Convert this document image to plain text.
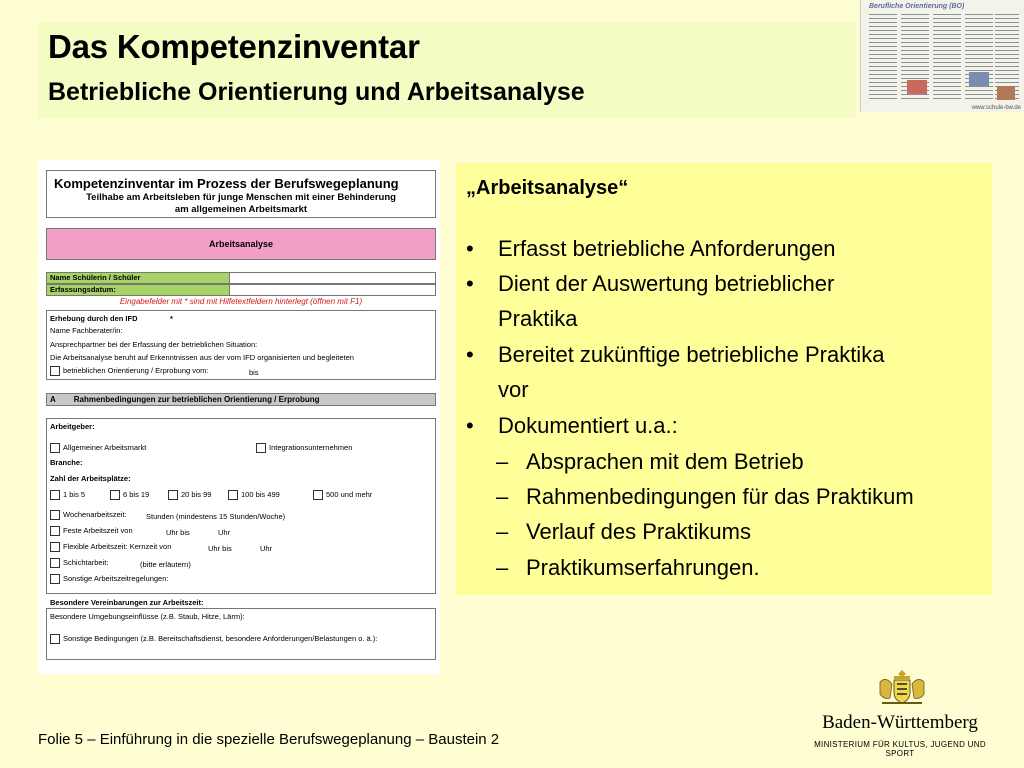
Das Kompetenzinventar
Betriebliche Orientierung und Arbeitsanalyse
Berufliche Orientierung (BO)
www.schule-bw.de
Kompetenzinventar im Prozess der Berufswegeplanung
Teilhabe am Arbeitsleben für junge Menschen mit einer Behinderung
am allgemeinen Arbeitsmarkt
Arbeitsanalyse
Name Schülerin / Schüler
Erfassungsdatum:
Eingabefelder mit * sind mit Hilfetextfeldern hinterlegt (öffnen mit F1)
Erhebung durch den IFD	*
Name Fachberater/in:
Ansprechpartner bei der Erfassung der betrieblichen Situation:
Die Arbeitsanalyse beruht auf Erkenntnissen aus der vom IFD organisierten und begleiteten
betrieblichen Orientierung / Erprobung vom:	bis
A Rahmenbedingungen zur betrieblichen Orientierung / Erprobung
Arbeitgeber:
Allgemeiner Arbeitsmarkt	Integrationsunternehmen
Branche:
Zahl der Arbeitsplätze:
1 bis 5	6 bis 19	20 bis 99	100 bis 499	500 und mehr
Wochenarbeitszeit:	Stunden (mindestens 15 Stunden/Woche)
Feste Arbeitszeit von	Uhr bis	Uhr
Flexible Arbeitszeit: Kernzeit von	Uhr bis	Uhr
Schichtarbeit:	(bitte erläutern)
Sonstige Arbeitszeitregelungen:
Besondere Vereinbarungen zur Arbeitszeit:
Besondere Umgebungseinflüsse (z.B. Staub, Hitze, Lärm):
Sonstige Bedingungen (z.B. Bereitschaftsdienst, besondere Anforderungen/Belastungen o. ä.):
„Arbeitsanalyse“
• Erfasst betriebliche Anforderungen
• Dient der Auswertung betrieblicher
Praktika
• Bereitet zukünftige betriebliche Praktika
vor
• Dokumentiert u.a.:
– Absprachen mit dem Betrieb
– Rahmenbedingungen für das Praktikum
– Verlauf des Praktikums
– Praktikumserfahrungen.
Folie 5 – Einführung in die spezielle Berufswegeplanung – Baustein 2
Baden-Württemberg
MINISTERIUM FÜR KULTUS, JUGEND UND SPORT
